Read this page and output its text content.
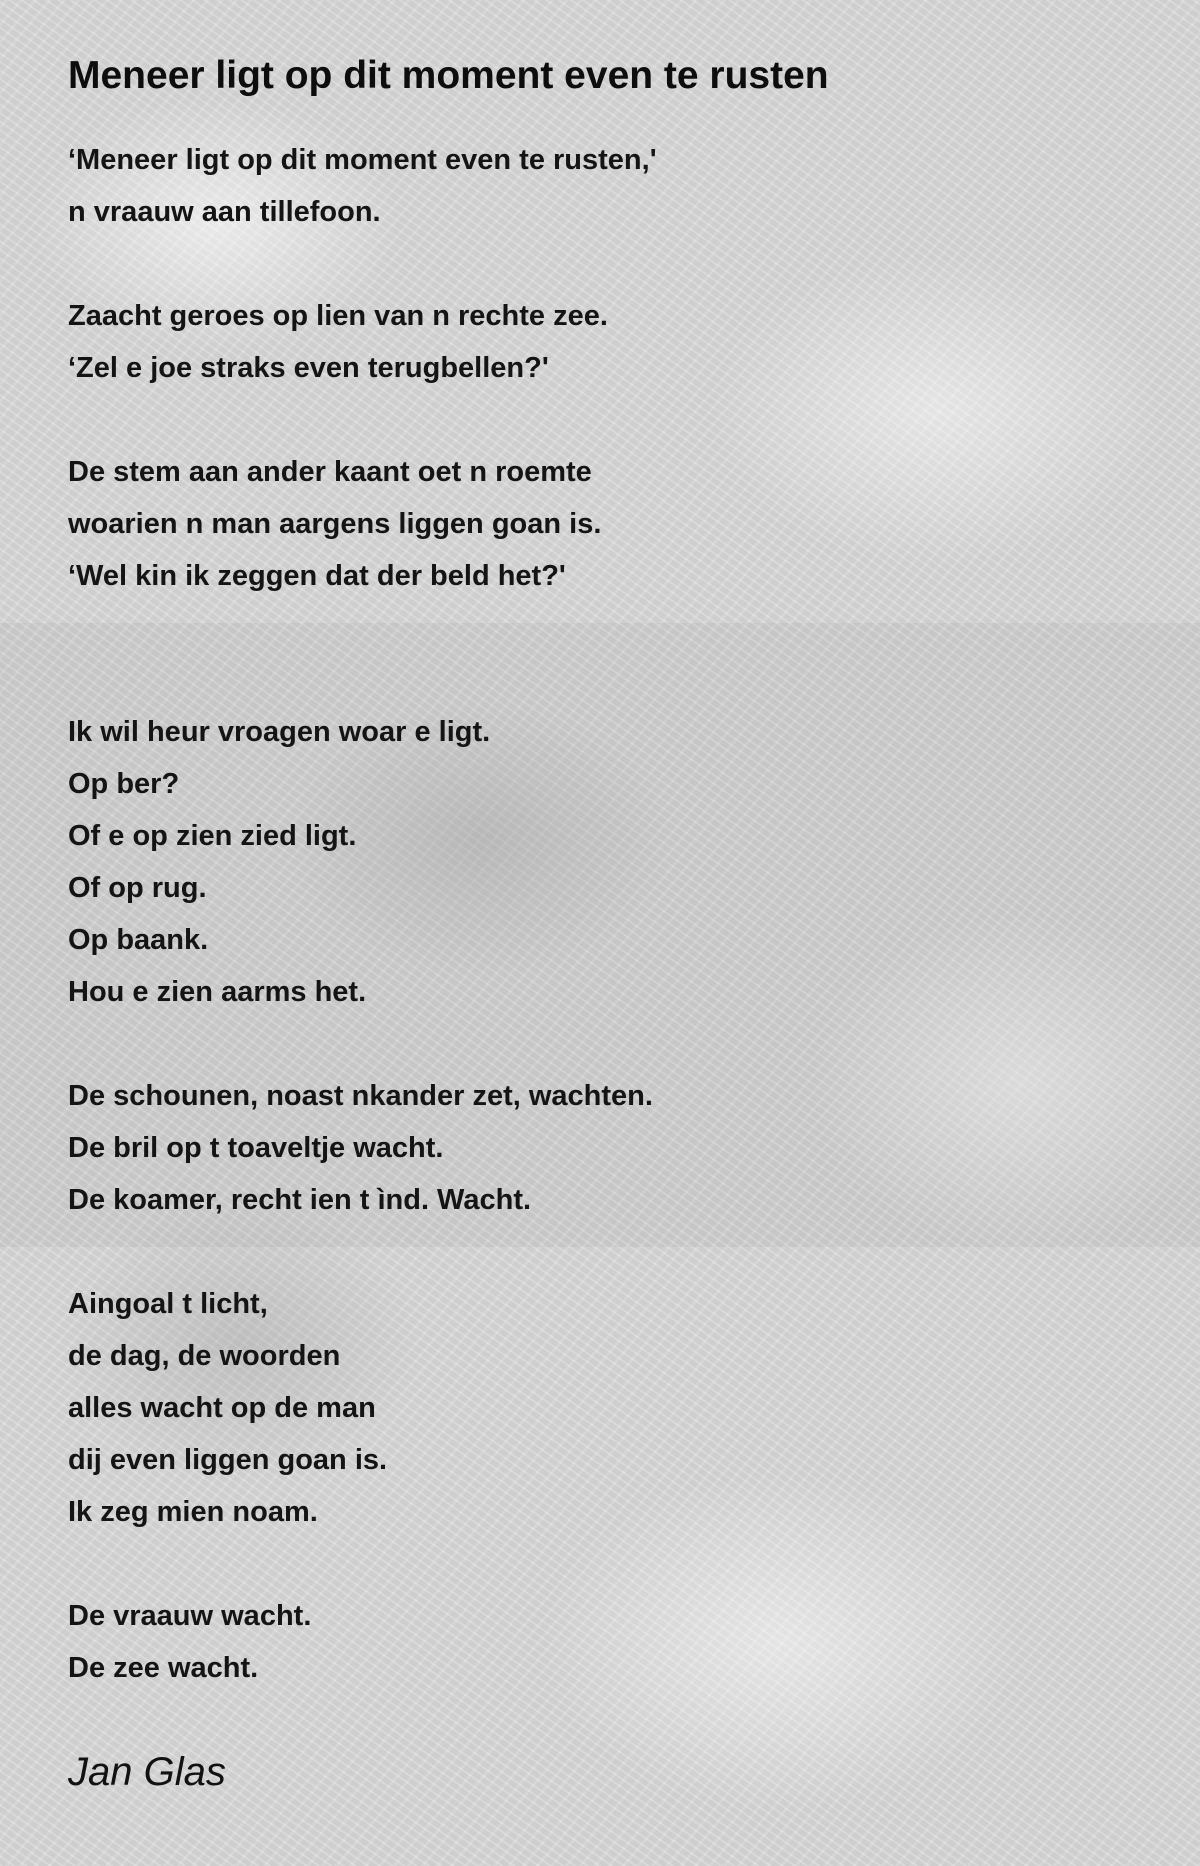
Meneer ligt op dit moment even te rusten
‘Meneer ligt op dit moment even te rusten,'
n vraauw aan tillefoon.
Zaacht geroes op lien van n rechte zee.
‘Zel e joe straks even terugbellen?'
De stem aan ander kaant oet n roemte
woarien n man aargens liggen goan is.
‘Wel kin ik zeggen dat der beld het?'
Ik wil heur vroagen woar e ligt.
Op ber?
Of e op zien zied ligt.
Of op rug.
Op baank.
Hou e zien aarms het.
De schounen, noast nkander zet, wachten.
De bril op t toaveltje wacht.
De koamer, recht ien t ìnd. Wacht.
Aingoal t licht,
de dag, de woorden
alles wacht op de man
dij even liggen goan is.
Ik zeg mien noam.
De vraauw wacht.
De zee wacht.
Jan Glas
